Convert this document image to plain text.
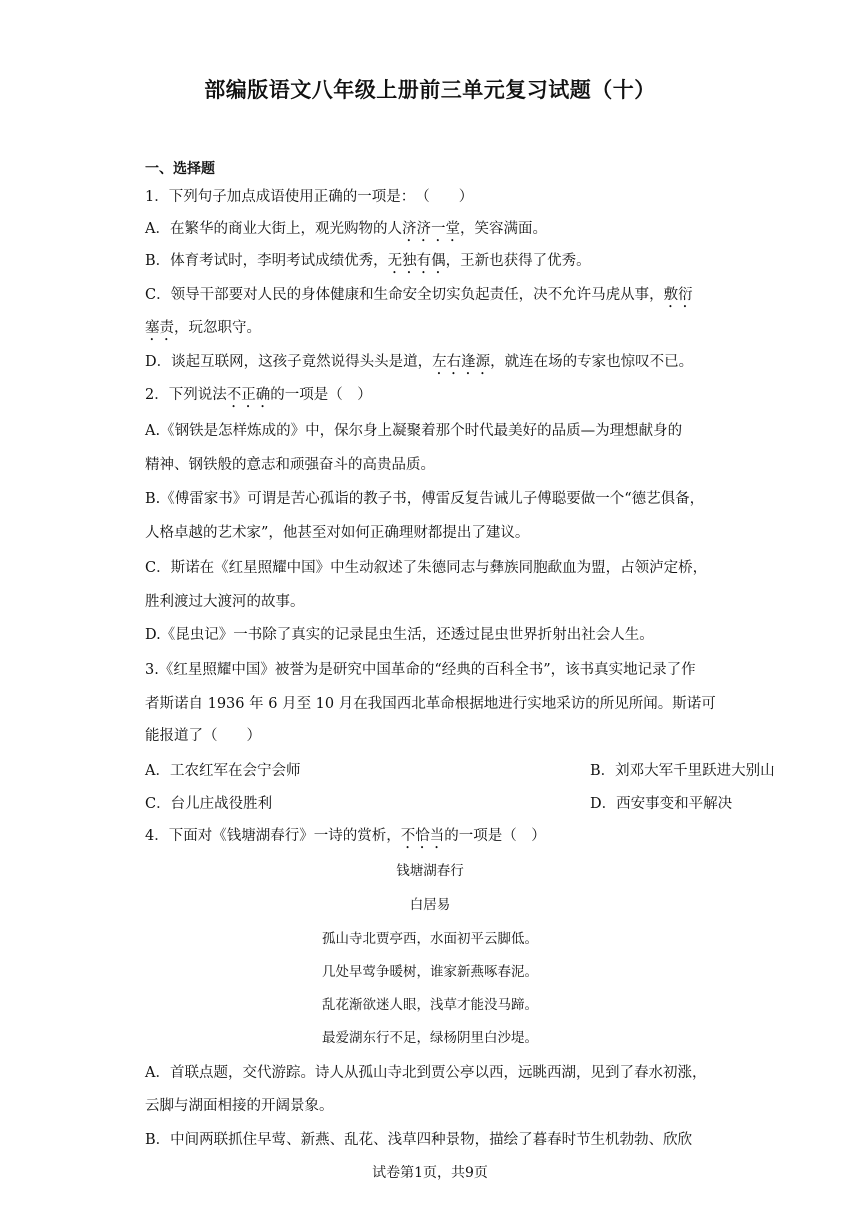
部编版语文八年级上册前三单元复习试题（十）
一、选择题
1．下列句子加点成语使用正确的一项是：　（　　）
A．在繁华的商业大街上，观光购物的人济济一堂，笑容满面。
B．体育考试时，李明考试成绩优秀，无独有偶，王新也获得了优秀。
C．领导干部要对人民的身体健康和生命安全切实负起责任，决不允许马虎从事，敷衍
塞责，玩忽职守。
D．谈起互联网，这孩子竟然说得头头是道，左右逢源，就连在场的专家也惊叹不已。
2．下列说法不正确的一项是（　）
A.《钢铁是怎样炼成的》中，保尔身上凝聚着那个时代最美好的品质—为理想献身的
精神、钢铁般的意志和顽强奋斗的高贵品质。
B.《傅雷家书》可谓是苦心孤诣的教子书，傅雷反复告诫儿子傅聪要做一个“德艺俱备，
人格卓越的艺术家”，他甚至对如何正确理财都提出了建议。
C．斯诺在《红星照耀中国》中生动叙述了朱德同志与彝族同胞歃血为盟，占领泸定桥，
胜利渡过大渡河的故事。
D.《昆虫记》一书除了真实的记录昆虫生活，还透过昆虫世界折射出社会人生。
3.《红星照耀中国》被誉为是研究中国革命的“经典的百科全书”，该书真实地记录了作
者斯诺自 1936 年 6 月至 10 月在我国西北革命根据地进行实地采访的所见所闻。斯诺可
能报道了（　　）
A．工农红军在会宁会师	B．刘邓大军千里跃进大别山
C．台儿庄战役胜利	D．西安事变和平解决
4．下面对《钱塘湖春行》一诗的赏析，不恰当的一项是（　）
钱塘湖春行
白居易
孤山寺北贾亭西，水面初平云脚低。
几处早莺争暖树，谁家新燕啄春泥。
乱花渐欲迷人眼，浅草才能没马蹄。
最爱湖东行不足，绿杨阴里白沙堤。
A．首联点题，交代游踪。诗人从孤山寺北到贾公亭以西，远眺西湖，见到了春水初涨，
云脚与湖面相接的开阔景象。
B．中间两联抓住早莺、新燕、乱花、浅草四种景物，描绘了暮春时节生机勃勃、欣欣
试卷第1页，共9页
